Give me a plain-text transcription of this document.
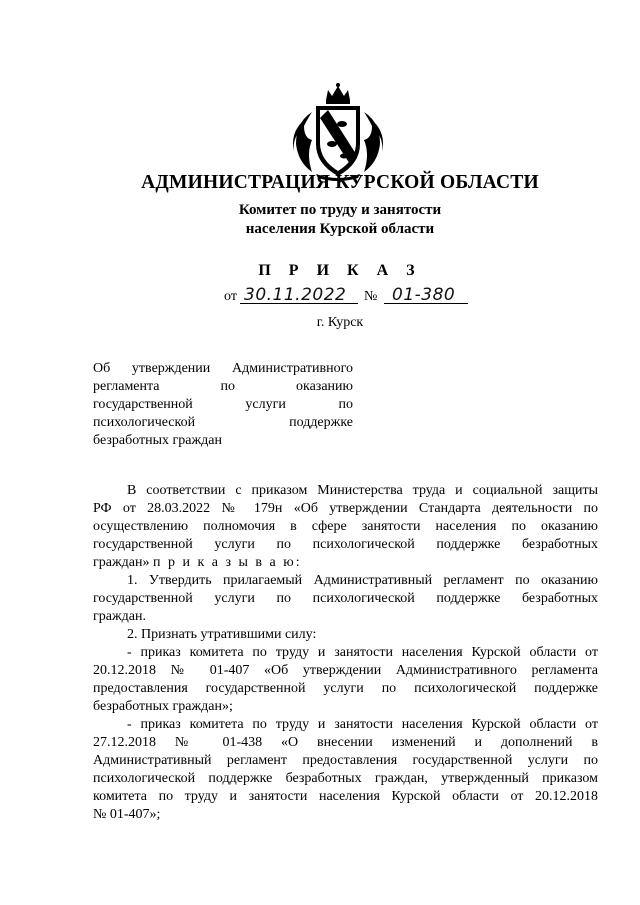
АДМИНИСТРАЦИЯ КУРСКОЙ ОБЛАСТИ
Комитет по труду и занятости
населения Курской области
П Р И К А З
от 30.11.2022 № 01-380
г. Курск
Об утверждении Административного
регламента по оказанию
государственной услуги по
психологической поддержке
безработных граждан
В соответствии с приказом Министерства труда и социальной защиты
РФ от 28.03.2022 № 179н «Об утверждении Стандарта деятельности по
осуществлению полномочия в сфере занятости населения по оказанию
государственной услуги по психологической поддержке безработных
граждан» п р и к а з ы в а ю:
1. Утвердить прилагаемый Административный регламент по оказанию
государственной услуги по психологической поддержке безработных
граждан.
2. Признать утратившими силу:
- приказ комитета по труду и занятости населения Курской области от
20.12.2018 № 01-407 «Об утверждении Административного регламента
предоставления государственной услуги по психологической поддержке
безработных граждан»;
- приказ комитета по труду и занятости населения Курской области от
27.12.2018 № 01-438 «О внесении изменений и дополнений в
Административный регламент предоставления государственной услуги по
психологической поддержке безработных граждан, утвержденный приказом
комитета по труду и занятости населения Курской области от 20.12.2018
№ 01-407»;
